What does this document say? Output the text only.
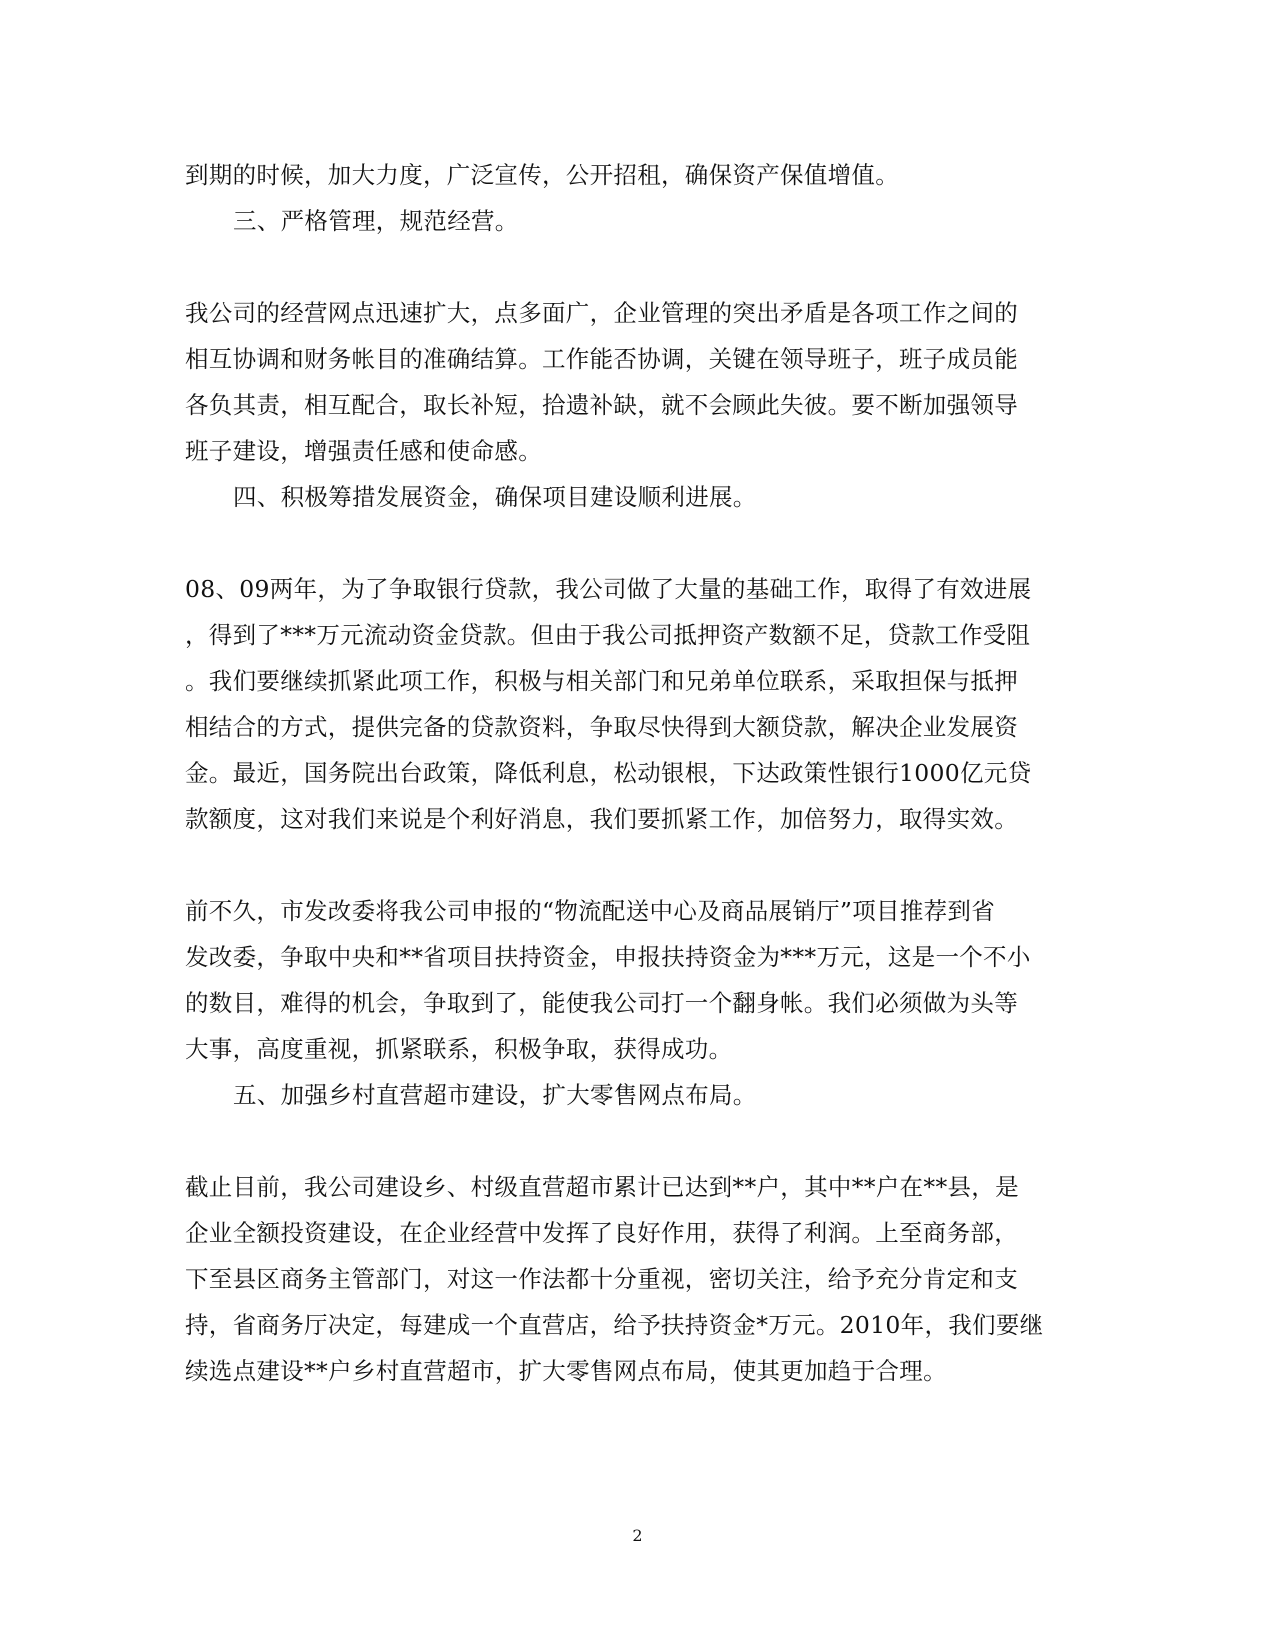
到期的时候，加大力度，广泛宣传，公开招租，确保资产保值增值。
三、严格管理，规范经营。
我公司的经营网点迅速扩大，点多面广，企业管理的突出矛盾是各项工作之间的
相互协调和财务帐目的准确结算。工作能否协调，关键在领导班子，班子成员能
各负其责，相互配合，取长补短，拾遗补缺，就不会顾此失彼。要不断加强领导
班子建设，增强责任感和使命感。
四、积极筹措发展资金，确保项目建设顺利进展。
08、09两年，为了争取银行贷款，我公司做了大量的基础工作，取得了有效进展
，得到了***万元流动资金贷款。但由于我公司抵押资产数额不足，贷款工作受阻
。我们要继续抓紧此项工作，积极与相关部门和兄弟单位联系，采取担保与抵押
相结合的方式，提供完备的贷款资料，争取尽快得到大额贷款，解决企业发展资
金。最近，国务院出台政策，降低利息，松动银根，下达政策性银行1000亿元贷
款额度，这对我们来说是个利好消息，我们要抓紧工作，加倍努力，取得实效。
前不久，市发改委将我公司申报的“物流配送中心及商品展销厅”项目推荐到省
发改委，争取中央和**省项目扶持资金，申报扶持资金为***万元，这是一个不小
的数目，难得的机会，争取到了，能使我公司打一个翻身帐。我们必须做为头等
大事，高度重视，抓紧联系，积极争取，获得成功。
五、加强乡村直营超市建设，扩大零售网点布局。
截止目前，我公司建设乡、村级直营超市累计已达到**户，其中**户在**县，是
企业全额投资建设，在企业经营中发挥了良好作用，获得了利润。上至商务部，
下至县区商务主管部门，对这一作法都十分重视，密切关注，给予充分肯定和支
持，省商务厅决定，每建成一个直营店，给予扶持资金*万元。2010年，我们要继
续选点建设**户乡村直营超市，扩大零售网点布局，使其更加趋于合理。
2
